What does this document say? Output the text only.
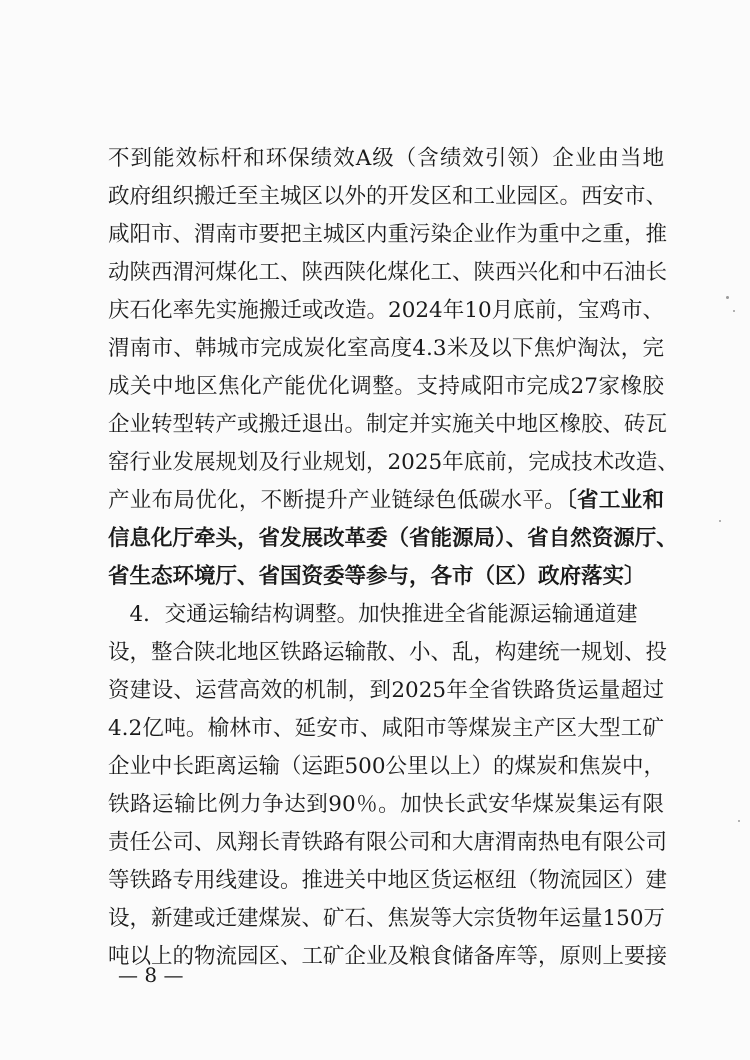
不到能效标杆和环保绩效A级（含绩效引领）企业由当地
政府组织搬迁至主城区以外的开发区和工业园区。西安市、
咸阳市、渭南市要把主城区内重污染企业作为重中之重，推
动陕西渭河煤化工、陕西陕化煤化工、陕西兴化和中石油长
庆石化率先实施搬迁或改造。2024年10月底前，宝鸡市、
渭南市、韩城市完成炭化室高度4.3米及以下焦炉淘汰，完
成关中地区焦化产能优化调整。支持咸阳市完成27家橡胶
企业转型转产或搬迁退出。制定并实施关中地区橡胶、砖瓦
窑行业发展规划及行业规划，2025年底前，完成技术改造、
产业布局优化，不断提升产业链绿色低碳水平。〔省工业和
信息化厅牵头，省发展改革委（省能源局）、省自然资源厅、
省生态环境厅、省国资委等参与，各市（区）政府落实〕
　4．交通运输结构调整。加快推进全省能源运输通道建
设，整合陕北地区铁路运输散、小、乱，构建统一规划、投
资建设、运营高效的机制，到2025年全省铁路货运量超过
4.2亿吨。榆林市、延安市、咸阳市等煤炭主产区大型工矿
企业中长距离运输（运距500公里以上）的煤炭和焦炭中，
铁路运输比例力争达到90％。加快长武安华煤炭集运有限
责任公司、凤翔长青铁路有限公司和大唐渭南热电有限公司
等铁路专用线建设。推进关中地区货运枢纽（物流园区）建
设，新建或迁建煤炭、矿石、焦炭等大宗货物年运量150万
吨以上的物流园区、工矿企业及粮食储备库等，原则上要接
— 8 —
